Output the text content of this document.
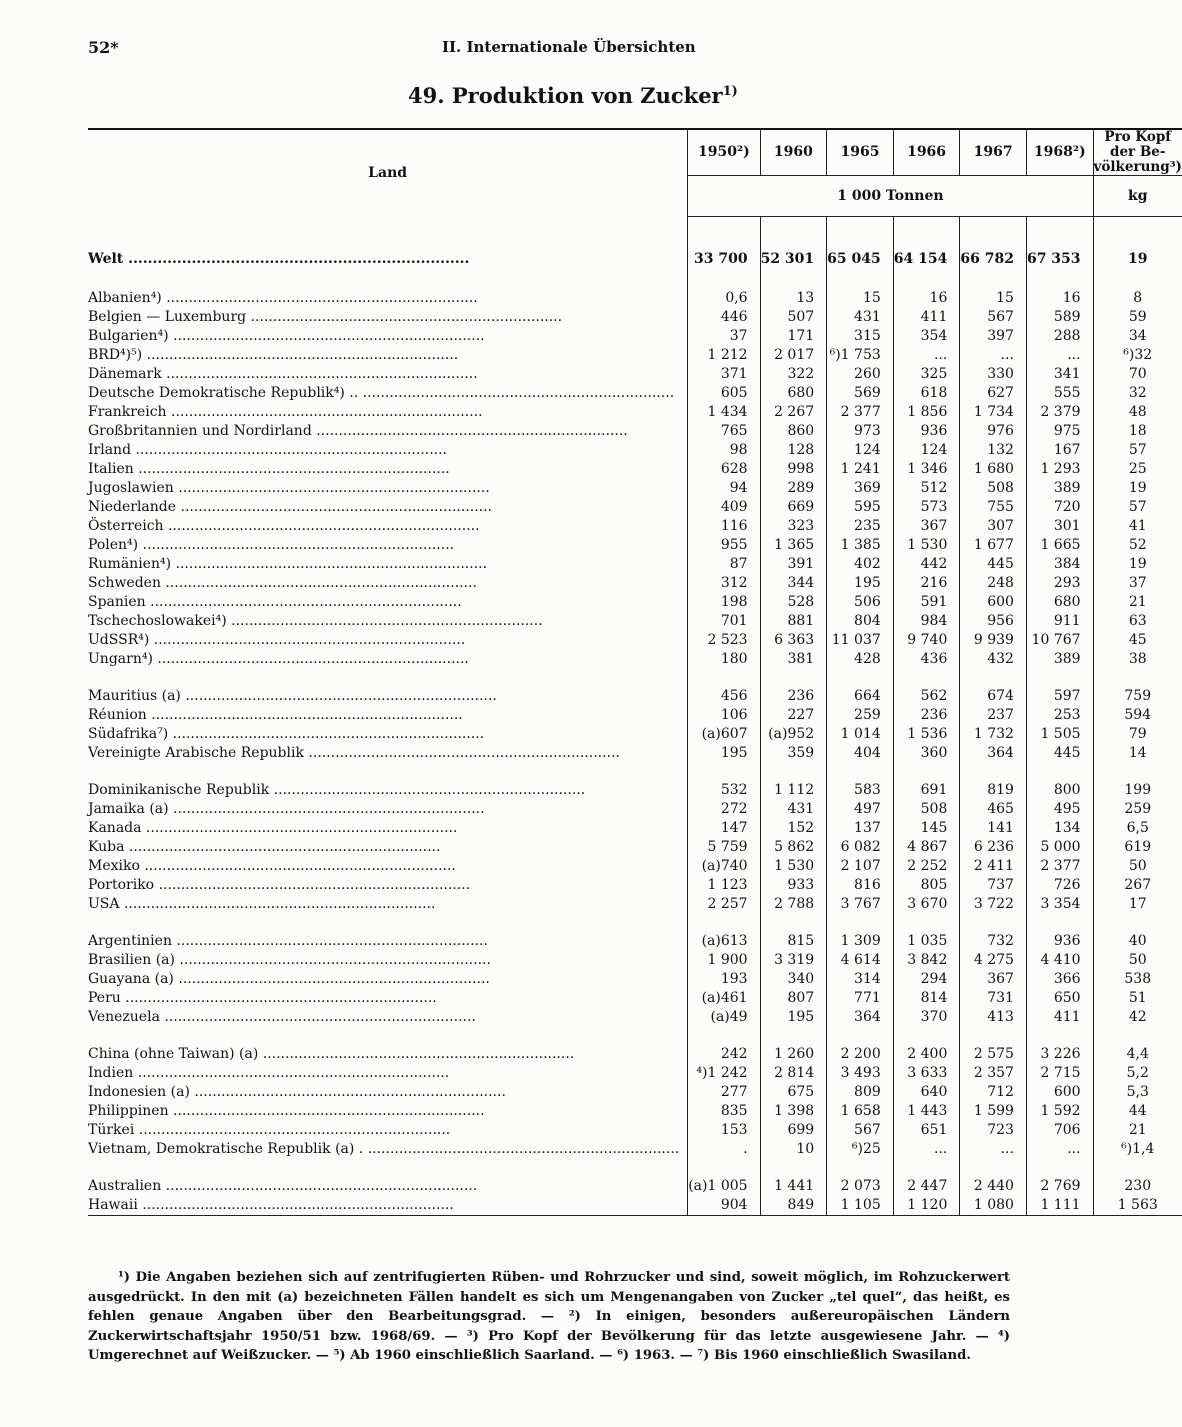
52*	II. Internationale Übersichten
49. Produktion von Zucker$^{1)}$
Land	1950²)	1960	1965	1966	1967	1968²)	Pro Kopf
der Be-
völkerung³)

	1 000 Tonnen						kg

Welt .....	33 700	52 301	65 045	64 154	66 782	67 353	19

Albanien⁴) .....	0,6	13	15	16	15	16	8

Belgien — Luxemburg .....	446	507	431	411	567	589	59

Bulgarien⁴) .....	37	171	315	354	397	288	34

BRD⁴)⁵) .....	1 212	2 017	⁶)1 753	...	...	...	⁶)32

Dänemark .....	371	322	260	325	330	341	70

Deutsche Demokratische Republik⁴) .. .....	605	680	569	618	627	555	32

Frankreich .....	1 434	2 267	2 377	1 856	1 734	2 379	48

Großbritannien und Nordirland .....	765	860	973	936	976	975	18

Irland .....	98	128	124	124	132	167	57

Italien .....	628	998	1 241	1 346	1 680	1 293	25

Jugoslawien .....	94	289	369	512	508	389	19

Niederlande .....	409	669	595	573	755	720	57

Österreich .....	116	323	235	367	307	301	41

Polen⁴) .....	955	1 365	1 385	1 530	1 677	1 665	52

Rumänien⁴) .....	87	391	402	442	445	384	19

Schweden .....	312	344	195	216	248	293	37

Spanien .....	198	528	506	591	600	680	21

Tschechoslowakei⁴) .....	701	881	804	984	956	911	63

UdSSR⁴) .....	2 523	6 363	11 037	9 740	9 939	10 767	45

Ungarn⁴) .....	180	381	428	436	432	389	38

Mauritius (a) .....	456	236	664	562	674	597	759

Réunion .....	106	227	259	236	237	253	594

Südafrika⁷) .....	(a)607	(a)952	1 014	1 536	1 732	1 505	79

Vereinigte Arabische Republik .....	195	359	404	360	364	445	14

Dominikanische Republik .....	532	1 112	583	691	819	800	199

Jamaika (a) .....	272	431	497	508	465	495	259

Kanada .....	147	152	137	145	141	134	6,5

Kuba .....	5 759	5 862	6 082	4 867	6 236	5 000	619

Mexiko .....	(a)740	1 530	2 107	2 252	2 411	2 377	50

Portoriko .....	1 123	933	816	805	737	726	267

USA .....	2 257	2 788	3 767	3 670	3 722	3 354	17

Argentinien .....	(a)613	815	1 309	1 035	732	936	40

Brasilien (a) .....	1 900	3 319	4 614	3 842	4 275	4 410	50

Guayana (a) .....	193	340	314	294	367	366	538

Peru .....	(a)461	807	771	814	731	650	51

Venezuela .....	(a)49	195	364	370	413	411	42

China (ohne Taiwan) (a) .....	242	1 260	2 200	2 400	2 575	3 226	4,4

Indien .....	⁴)1 242	2 814	3 493	3 633	2 357	2 715	5,2

Indonesien (a) .....	277	675	809	640	712	600	5,3

Philippinen .....	835	1 398	1 658	1 443	1 599	1 592	44

Türkei .....	153	699	567	651	723	706	21

Vietnam, Demokratische Republik (a) . .....	.	10	⁶)25	...	...	...	⁶)1,4

Australien .....	(a)1 005	1 441	2 073	2 447	2 440	2 769	230

Hawaii .....	904	849	1 105	1 120	1 080	1 111	1 563

¹) Die Angaben beziehen sich auf zentrifugierten Rüben- und Rohrzucker und sind, soweit möglich, im Rohzuckerwert ausgedrückt. In den mit (a) bezeichneten Fällen handelt es sich um Mengenangaben von Zucker „tel quel“, das heißt, es fehlen genaue Angaben über den Bearbeitungsgrad. — ²) In einigen, besonders außereuropäischen Ländern Zuckerwirtschaftsjahr 1950/51 bzw. 1968/69. — ³) Pro Kopf der Bevölkerung für das letzte ausgewiesene Jahr. — ⁴) Umgerechnet auf Weißzucker. — ⁵) Ab 1960 einschließlich Saarland. — ⁶) 1963. — ⁷) Bis 1960 einschließlich Swasiland.
